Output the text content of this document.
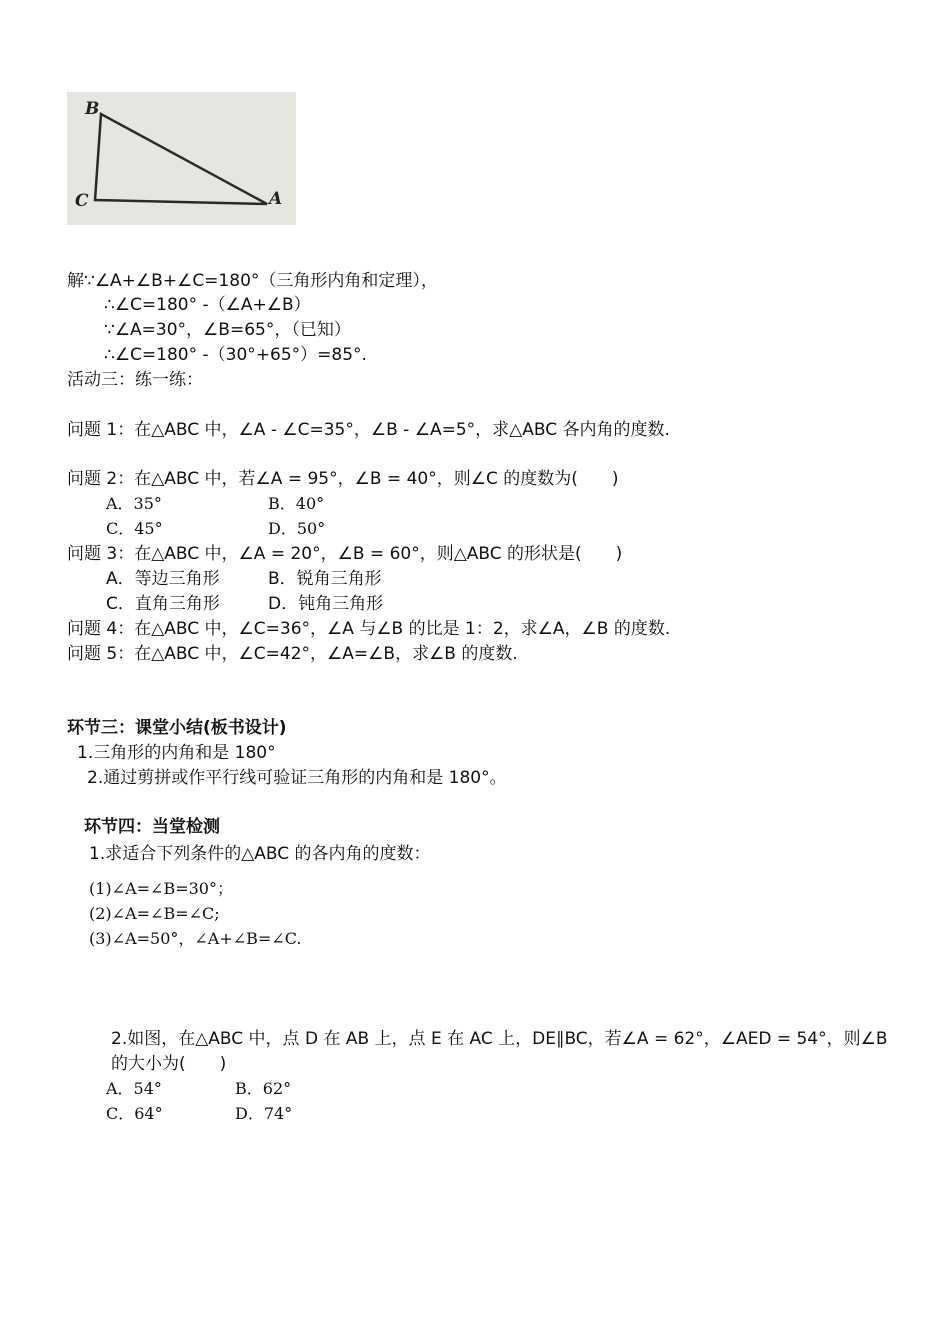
B
C	A
解∵∠A+∠B+∠C=180°（三角形内角和定理），
∴∠C=180° -（∠A+∠B）
∵∠A=30°，∠B=65°，（已知）
∴∠C=180° -（30°+65°）=85°.
活动三：练一练：
问题 1：在△ABC 中，∠A - ∠C=35°，∠B - ∠A=5°，求△ABC 各内角的度数.
问题 2：在△ABC 中，若∠A = 95°，∠B = 40°，则∠C 的度数为(　　)
A．35°	B．40°
C．45°	D．50°
问题 3：在△ABC 中，∠A = 20°，∠B = 60°，则△ABC 的形状是(　　)
A．等边三角形	B．锐角三角形
C．直角三角形	D．钝角三角形
问题 4：在△ABC 中，∠C=36°，∠A 与∠B 的比是 1：2，求∠A，∠B 的度数.
问题 5：在△ABC 中，∠C=42°，∠A=∠B，求∠B 的度数.
环节三：课堂小结(板书设计)
1.三角形的内角和是 180°
2.通过剪拼或作平行线可验证三角形的内角和是 180°。
环节四：当堂检测
1.求适合下列条件的△ABC 的各内角的度数：
(1)∠A=∠B=30°；
(2)∠A=∠B=∠C;
(3)∠A=50°，∠A+∠B=∠C.
2.如图，在△ABC 中，点 D 在 AB 上，点 E 在 AC 上，DE∥BC，若∠A = 62°，∠AED = 54°，则∠B
的大小为(　　)
A．54°	B．62°
C．64°	D．74°
